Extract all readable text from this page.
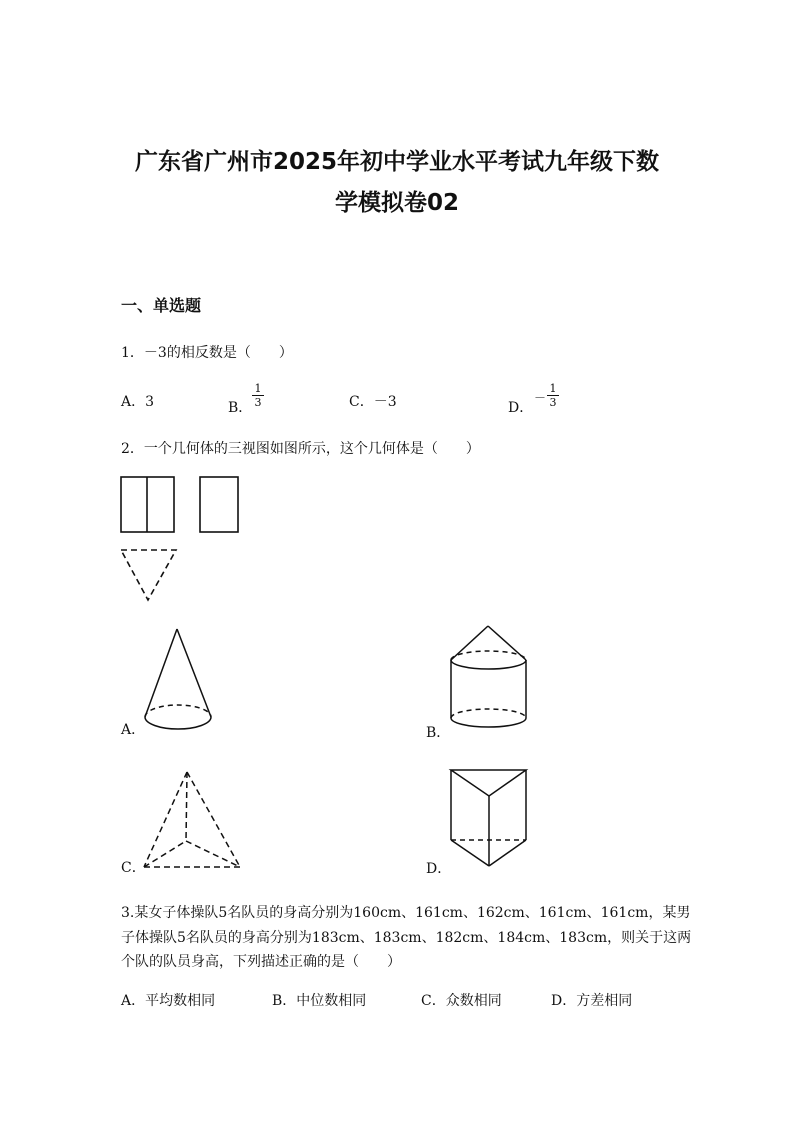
广东省广州市2025年初中学业水平考试九年级下数
学模拟卷02
一、单选题
1．－3的相反数是（　　）
A．3	B．
1
3	C．－3	D．
－
1
3
2．一个几何体的三视图如图所示，这个几何体是（　　）
A．	B．
C．	D．
3.某女子体操队5名队员的身高分别为160cm、161cm、162cm、161cm、161cm，某男
子体操队5名队员的身高分别为183cm、183cm、182cm、184cm、183cm，则关于这两
个队的队员身高，下列描述正确的是（　　）
A．平均数相同	B．中位数相同	C．众数相同	D．方差相同
